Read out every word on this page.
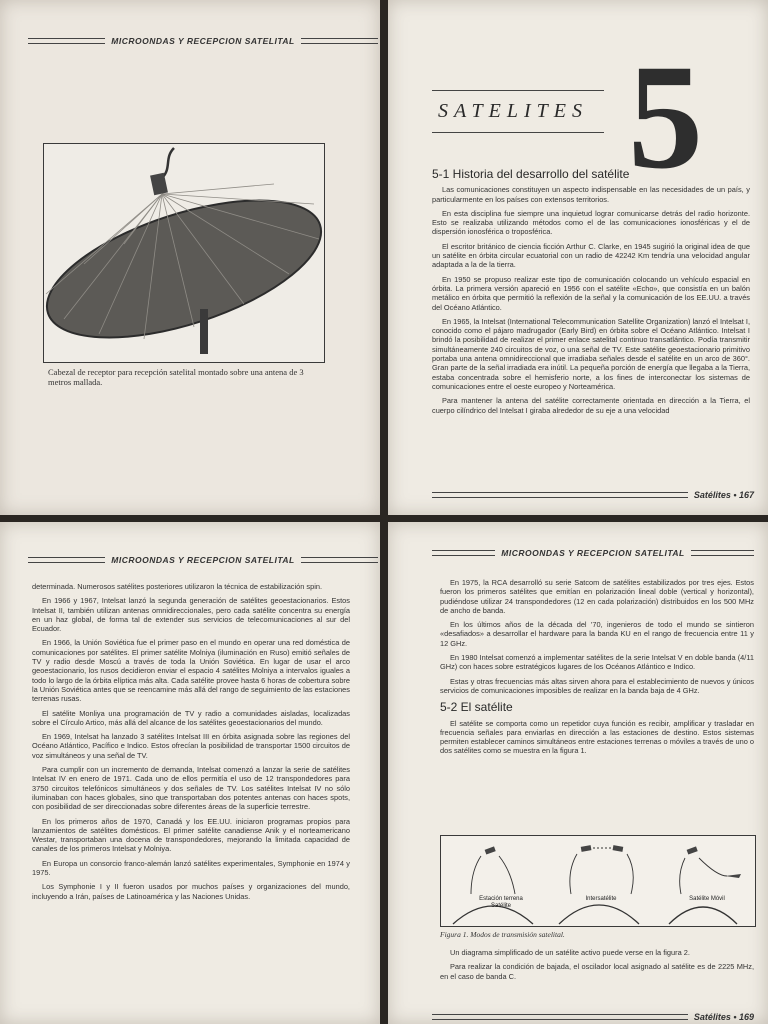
MICROONDAS Y RECEPCION SATELITAL
Cabezal de receptor para recepción satelital montado sobre una antena de 3 metros mallada.
SATELITES 5
5-1 Historia del desarrollo del satélite

Las comunicaciones constituyen un aspecto indispensable en las necesidades de un país, y particularmente en los países con extensos territorios.

En esta disciplina fue siempre una inquietud lograr comunicarse detrás del radio horizonte. Esto se realizaba utilizando métodos como el de las comunicaciones ionosféricas y el de dispersión ionosférica o troposférica.

El escritor británico de ciencia ficción Arthur C. Clarke, en 1945 sugirió la original idea de que un satélite en órbita circular ecuatorial con un radio de 42242 Km tendría una velocidad angular adaptada a la de la tierra.

En 1950 se propuso realizar este tipo de comunicación colocando un vehículo espacial en órbita. La primera versión apareció en 1956 con el satélite «Echo», que consistía en un balón metálico en órbita que permitió la reflexión de la señal y la comunicación de los EE.UU. a través del Océano Atlántico.

En 1965, la Intelsat (International Telecommunication Satellite Organization) lanzó el Intelsat I, conocido como el pájaro madrugador (Early Bird) en órbita sobre el Océano Atlántico. Intelsat I brindó la posibilidad de realizar el primer enlace satelital continuo transatlántico. Podía transmitir simultáneamente 240 circuitos de voz, o una señal de TV. Este satélite geoestacionario primitivo portaba una antena omnidireccional que irradiaba señales desde el satélite en un arco de 360°. Gran parte de la señal irradiada era inútil. La pequeña porción de energía que llegaba a la Tierra, estaba concentrada sobre el hemisferio norte, a los fines de interconectar los sistemas de comunicaciones entre el oeste europeo y Norteamérica.

Para mantener la antena del satélite correctamente orientada en dirección a la Tierra, el cuerpo cilíndrico del Intelsat I giraba alrededor de su eje a una velocidad

Satélites • 167
MICROONDAS Y RECEPCION SATELITAL

determinada. Numerosos satélites posteriores utilizaron la técnica de estabilización spin.

En 1966 y 1967, Intelsat lanzó la segunda generación de satélites geoestacionarios. Estos Intelsat II, también utilizan antenas omnidireccionales, pero cada satélite concentra su energía en un haz global, de forma tal de extender sus servicios de telecomunicaciones al sur del Ecuador.

En 1966, la Unión Soviética fue el primer paso en el mundo en operar una red doméstica de comunicaciones por satélites. El primer satélite Molniya (iluminación en Ruso) emitió señales de TV y radio desde Moscú a través de toda la Unión Soviética. En lugar de usar el arco geoestacionario, los rusos decidieron enviar el espacio 4 satélites Molniya a intervalos iguales a todo lo largo de la órbita elíptica más alta. Cada satélite provee hasta 6 horas de cobertura sobre la Unión Soviética antes que se reencamine más allá del rango de seguimiento de las estaciones terrenas rusas.

El satélite Monliya una programación de TV y radio a comunidades aisladas, localizadas sobre el Círculo Artico, más allá del alcance de los satélites geoestacionarios del mundo.

En 1969, Intelsat ha lanzado 3 satélites Intelsat III en órbita asignada sobre las regiones del Océano Atlántico, Pacífico e Indico. Estos ofrecían la posibilidad de transportar 1500 circuitos de voz simultáneos y una señal de TV.

Para cumplir con un incremento de demanda, Intelsat comenzó a lanzar la serie de satélites Intelsat IV en enero de 1971. Cada uno de ellos permitía el uso de 12 transpondedores para 3750 circuitos telefónicos simultáneos y dos señales de TV. Los satélites Intelsat IV no sólo iluminaban con haces globales, sino que transportaban dos potentes antenas con haces spots, con posibilidad de ser direccionadas sobre diferentes áreas de la superficie terrestre.

En los primeros años de 1970, Canadá y los EE.UU. iniciaron programas propios para lanzamientos de satélites domésticos. El primer satélite canadiense Anik y el norteamericano Westar, transportaban una docena de transpondedores, mejorando la limitada capacidad de canales de los primeros Intelsat y Molniya.

En Europa un consorcio franco-alemán lanzó satélites experimentales, Symphonie en 1974 y 1975.

Los Symphonie I y II fueron usados por muchos países y organizaciones del mundo, incluyendo a Irán, países de Latinoamérica y las Naciones Unidas.

MICROONDAS Y RECEPCION SATELITAL

En 1975, la RCA desarrolló su serie Satcom de satélites estabilizados por tres ejes. Estos fueron los primeros satélites que emitían en polarización lineal doble (vertical y horizontal), pudiéndose utilizar 24 transpondedores (12 en cada polarización) distribuidos en los 500 MHz de ancho de banda.

En los últimos años de la década del '70, ingenieros de todo el mundo se sintieron «desafiados» a desarrollar el hardware para la banda KU en el rango de frecuencia entre 11 y 12 GHz.

En 1980 Intelsat comenzó a implementar satélites de la serie Intelsat V en doble banda (4/11 GHz) con haces sobre estratégicos lugares de los Océanos Atlántico e Indico.

Estas y otras frecuencias más altas sirven ahora para el establecimiento de nuevos y únicos servicios de comunicaciones imposibles de realizar en la banda baja de 4 GHz.

5-2 El satélite

El satélite se comporta como un repetidor cuya función es recibir, amplificar y trasladar en frecuencia señales para enviarlas en dirección a las estaciones de destino. Estos sistemas permiten establecer caminos simultáneos entre estaciones terrenas o móviles a través de uno o dos satélites como se muestra en la figura 1.

Estación terrena Satélite
Intersatélite	Satélite Móvil
Figura 1. Modos de transmisión satelital.

Un diagrama simplificado de un satélite activo puede verse en la figura 2.

Para realizar la condición de bajada, el oscilador local asignado al satélite es de 2225 MHz, en el caso de banda C.

Satélites • 169
